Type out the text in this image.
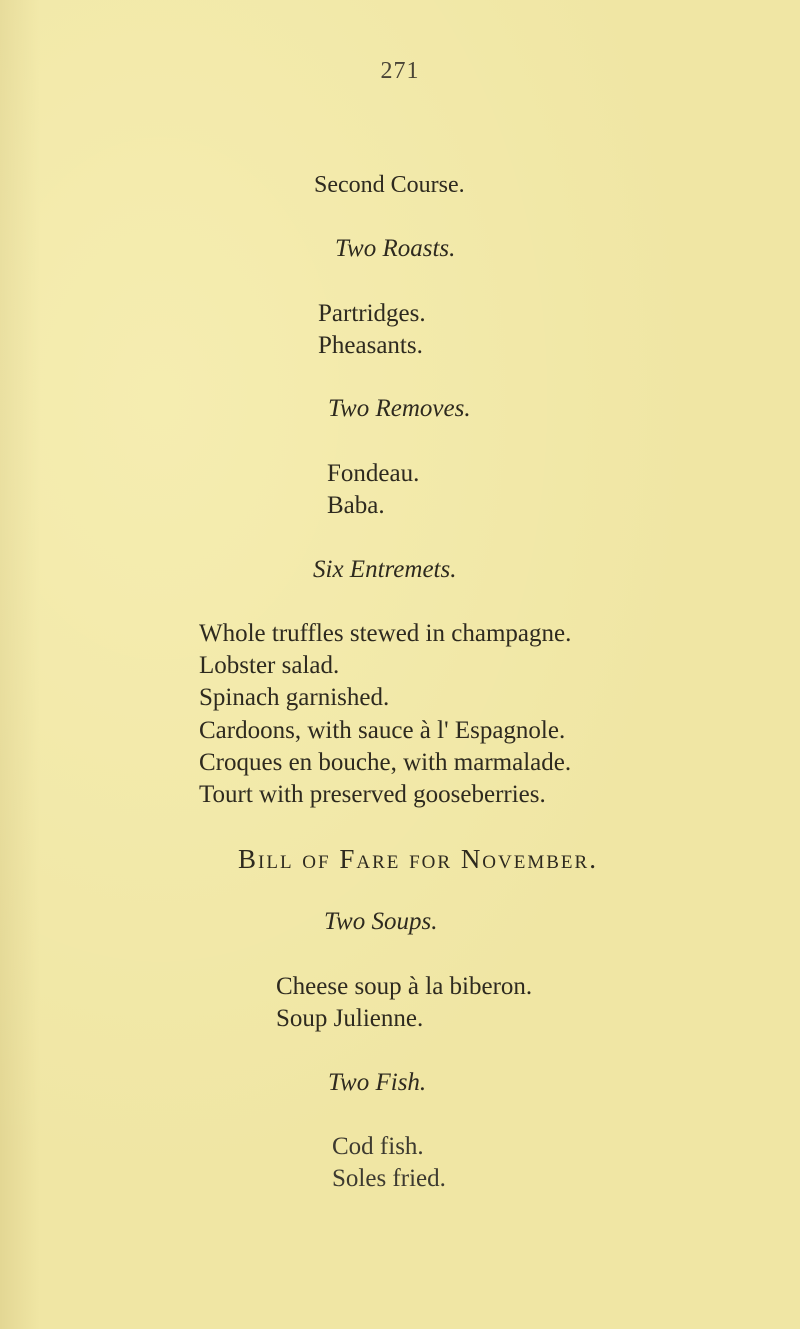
271
Second Course.
Two Roasts.
Partridges.
Pheasants.
Two Removes.
Fondeau.
Baba.
Six Entremets.
Whole truffles stewed in champagne.
Lobster salad.
Spinach garnished.
Cardoons, with sauce à l' Espagnole.
Croques en bouche, with marmalade.
Tourt with preserved gooseberries.
Bill of Fare for November.
Two Soups.
Cheese soup à la biberon.
Soup Julienne.
Two Fish.
Cod fish.
Soles fried.
